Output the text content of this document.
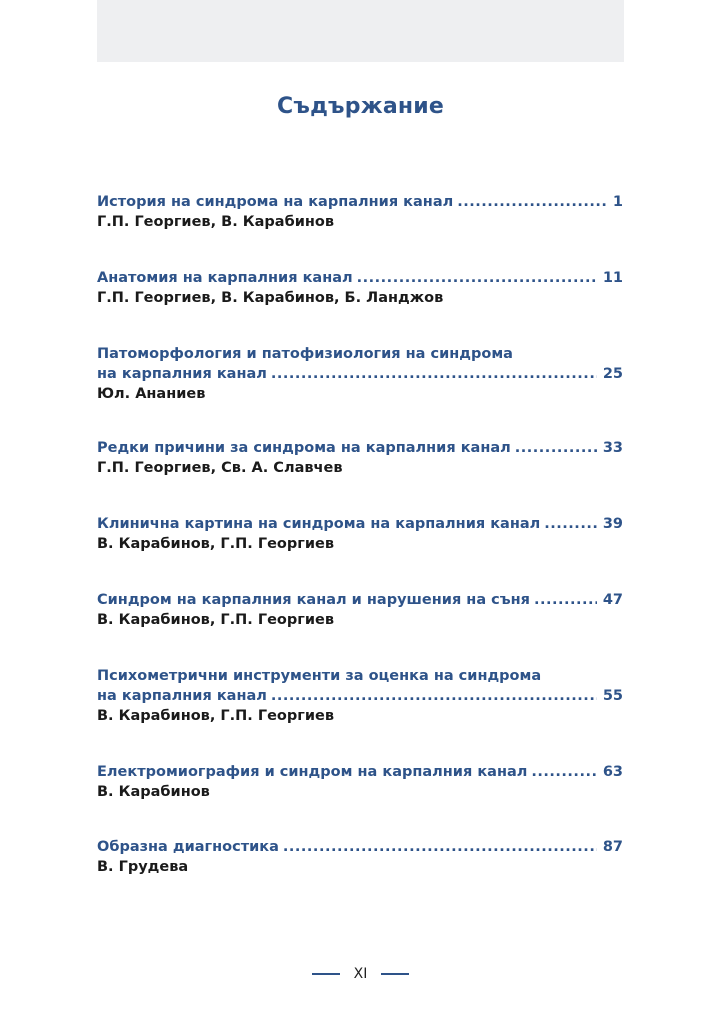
Съдържание
История на синдрома на карпалния канал .....	1
Г.П. Георгиев, В. Карабинов
Анатомия на карпалния канал .....	11
Г.П. Георгиев, В. Карабинов, Б. Ланджов
Патоморфология и патофизиология на синдрома
на карпалния канал .....	25
Юл. Ананиев
Редки причини за синдрома на карпалния канал .....	33
Г.П. Георгиев, Св. А. Славчев
Клинична картина на синдрома на карпалния канал .....	39
В. Карабинов, Г.П. Георгиев
Синдром на карпалния канал и нарушения на съня .....	47
В. Карабинов, Г.П. Георгиев
Психометрични инструменти за оценка на синдрома
на карпалния канал .....	55
В. Карабинов, Г.П. Георгиев
Електромиография и синдром на карпалния канал .....	63
В. Карабинов
Образна диагностика .....	87
В. Грудева
XI
